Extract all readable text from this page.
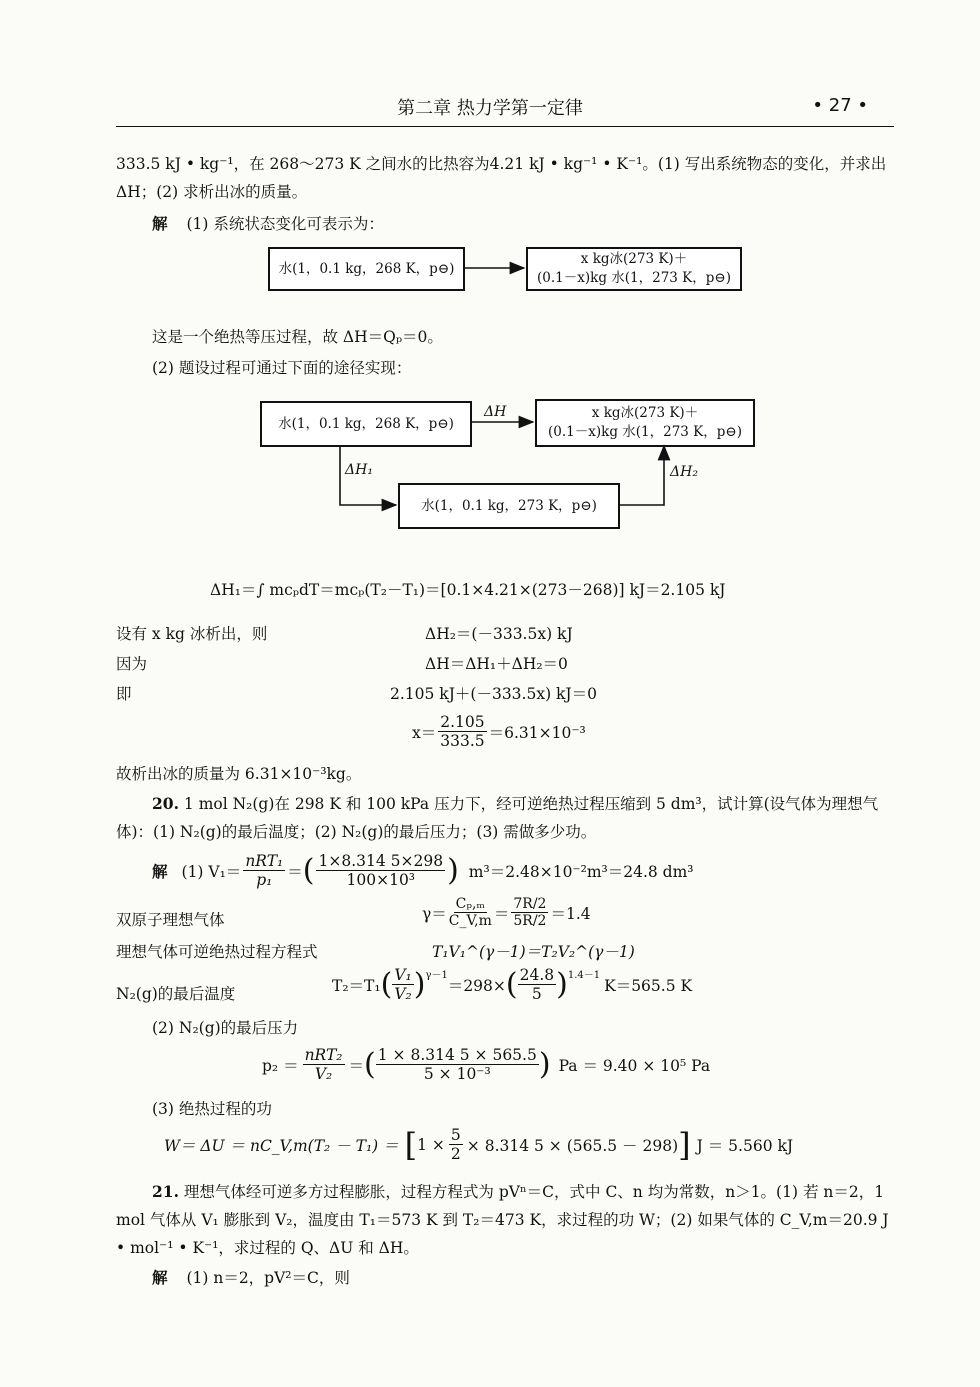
第二章 热力学第一定律	• 27 •
333.5 kJ • kg⁻¹，在 268～273 K 之间水的比热容为4.21 kJ • kg⁻¹ • K⁻¹。(1) 写出系统物态的变化，并求出 ΔH；(2) 求析出冰的质量。
解 (1) 系统状态变化可表示为：
水(1，0.1 kg，268 K，p⊖)
x kg冰(273 K)＋
(0.1－x)kg 水(1，273 K，p⊖)
这是一个绝热等压过程，故 ΔH＝Qₚ＝0。
(2) 题设过程可通过下面的途径实现：
水(1，0.1 kg，268 K，p⊖)
x kg冰(273 K)＋
(0.1－x)kg 水(1，273 K，p⊖)
水(1，0.1 kg，273 K，p⊖)
ΔH
ΔH₁	ΔH₂
ΔH₁＝∫ mcₚdT＝mcₚ(T₂－T₁)＝[0.1×4.21×(273－268)] kJ＝2.105 kJ
设有 x kg 冰析出，则	ΔH₂＝(－333.5x) kJ
因为	ΔH＝ΔH₁＋ΔH₂＝0
即	2.105 kJ＋(－333.5x) kJ＝0
$x= \frac{2.105}{333.5} =6.31\times 10^{-3}$
故析出冰的质量为 6.31×10⁻³kg。
20. 1 mol N₂(g)在 298 K 和 100 kPa 压力下，经可逆绝热过程压缩到 5 dm³，试计算(设气体为理想气体)：(1) N₂(g)的最后温度；(2) N₂(g)的最后压力；(3) 需做多少功。
解 (1) V₁＝
nRT₁
p₁ ＝ ( $\frac{1\times 8.314 5\times 298}{\text{100×10³}}$ ) m³＝2.48×10⁻²m³＝24.8 dm³
双原子理想气体	$\gamma= \frac{\text{Cₚ,ₘ}}{C\_V,m} = \frac{7R/2}{5R/2} =1.4$
理想气体可逆绝热过程方程式	T₁V₁^(γ－1)＝T₂V₂^(γ－1)
N₂(g)的最后温度	T₂＝T₁ ( $\frac{\text{V₁}}{\text{V₂}} )^{\gamma-1}$
＝298× ( $\frac{24.8}{5} )^{1.4-1}$
K＝565.5 K
(2) N₂(g)的最后压力
p₂ ＝
nRT₂
V₂ ＝ ( $\frac{1 \times 8.314 5 \times 565.5}{\text{5 × 10⁻³}}$ ) Pa ＝ 9.40 × 10⁵ Pa
(3) 绝热过程的功
W＝ ΔU ＝ nC_V,m(T₂ － T₁) ＝ [ $1 \times \frac{5}{2} \times 8.314$ 5 × (565.5 － 298) ] J ＝ 5.560 kJ
21. 理想气体经可逆多方过程膨胀，过程方程式为 pVⁿ＝C，式中 C、n 均为常数，n＞1。(1) 若 n＝2，1 mol 气体从 V₁ 膨胀到 V₂，温度由 T₁＝573 K 到 T₂＝473 K，求过程的功 W；(2) 如果气体的 C_V,m＝20.9 J • mol⁻¹ • K⁻¹，求过程的 Q、ΔU 和 ΔH。
解 (1) n＝2，pV²＝C，则
